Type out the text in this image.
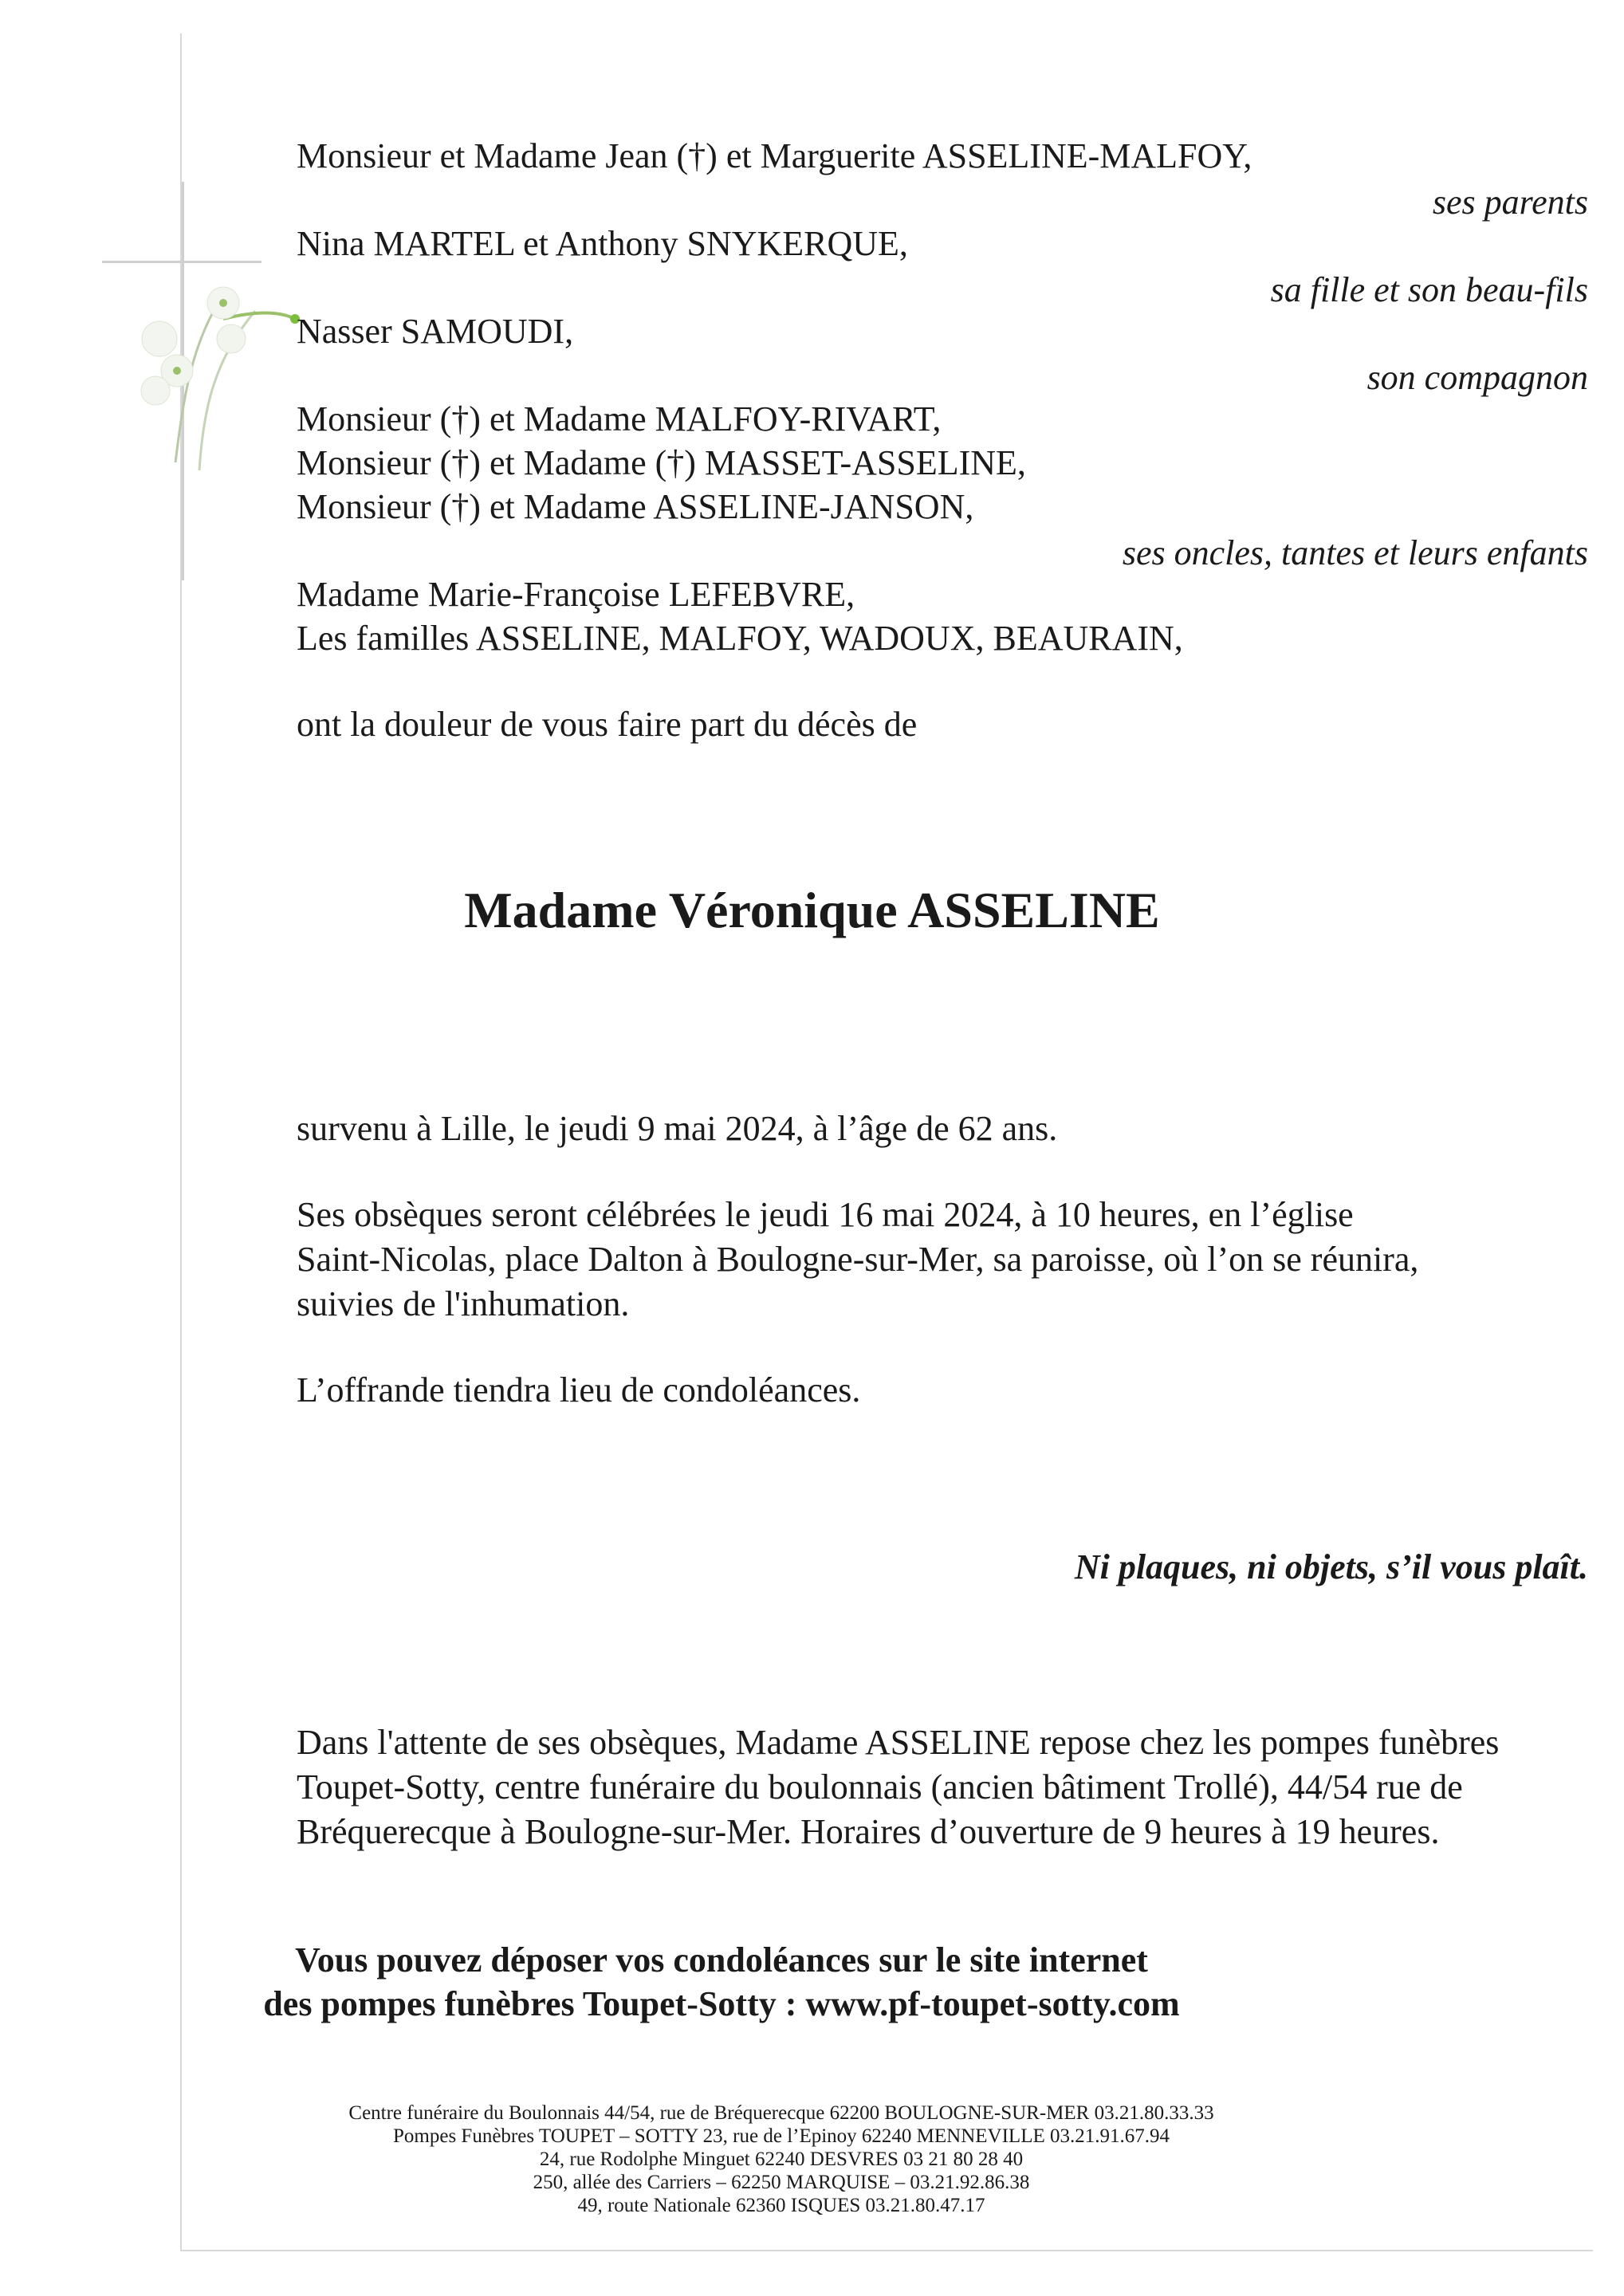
Monsieur et Madame Jean (†) et Marguerite ASSELINE-MALFOY,
ses parents
Nina MARTEL et Anthony SNYKERQUE,
sa fille et son beau-fils
Nasser SAMOUDI,
son compagnon
Monsieur (†) et Madame MALFOY-RIVART,
Monsieur (†) et Madame (†) MASSET-ASSELINE,
Monsieur (†) et Madame ASSELINE-JANSON,
ses oncles, tantes et leurs enfants
Madame Marie-Françoise LEFEBVRE,
Les familles ASSELINE, MALFOY, WADOUX, BEAURAIN,
ont la douleur de vous faire part du décès de
Madame Véronique ASSELINE
survenu à Lille, le jeudi 9 mai 2024, à l’âge de 62 ans.
Ses obsèques seront célébrées le jeudi 16 mai 2024, à 10 heures, en l’église
Saint-Nicolas, place Dalton à Boulogne-sur-Mer, sa paroisse, où l’on se réunira,
suivies de l'inhumation.
L’offrande tiendra lieu de condoléances.
Ni plaques, ni objets, s’il vous plaît.
Dans l'attente de ses obsèques, Madame ASSELINE repose chez les pompes funèbres
Toupet-Sotty, centre funéraire du boulonnais (ancien bâtiment Trollé), 44/54 rue de
Bréquerecque à Boulogne-sur-Mer. Horaires d’ouverture de 9 heures à 19 heures.
Vous pouvez déposer vos condoléances sur le site internet
des pompes funèbres Toupet-Sotty : www.pf-toupet-sotty.com
Centre funéraire du Boulonnais 44/54, rue de Bréquerecque 62200 BOULOGNE-SUR-MER 03.21.80.33.33
Pompes Funèbres TOUPET – SOTTY 23, rue de l’Epinoy 62240 MENNEVILLE 03.21.91.67.94
24, rue Rodolphe Minguet 62240 DESVRES 03 21 80 28 40
250, allée des Carriers – 62250 MARQUISE – 03.21.92.86.38
49, route Nationale 62360 ISQUES 03.21.80.47.17
